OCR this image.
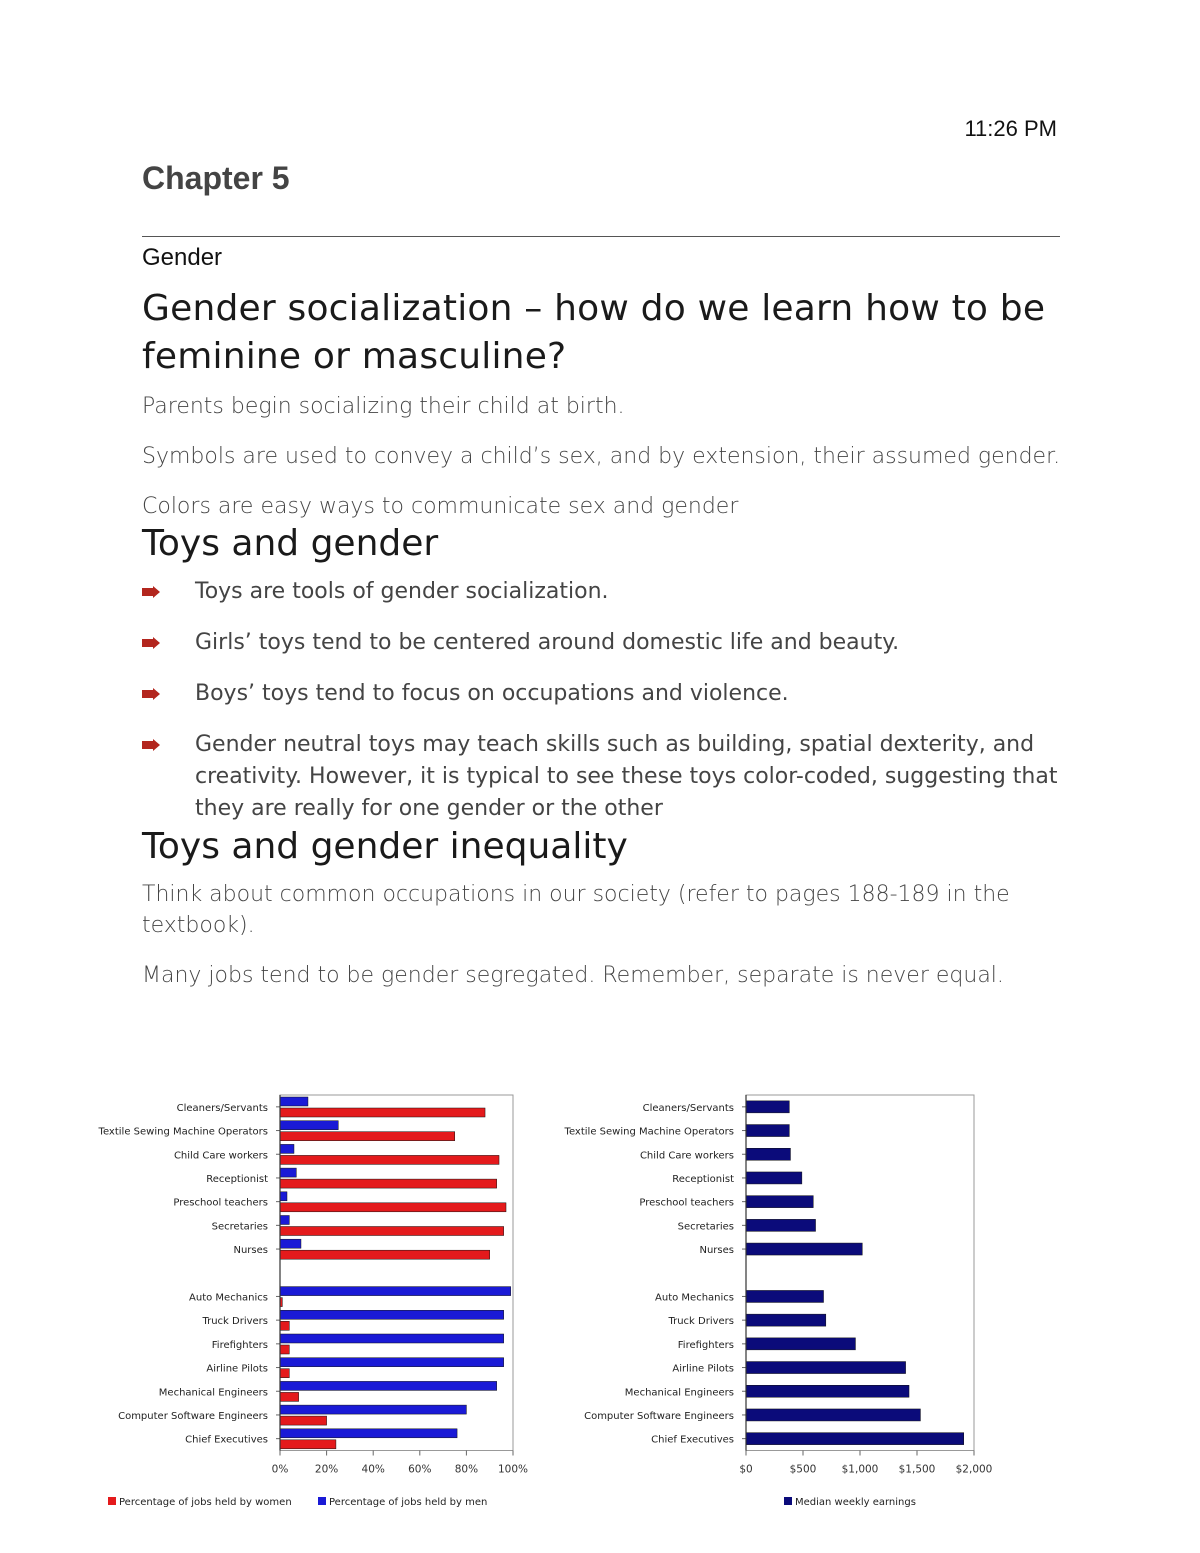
11:26 PM
Chapter 5
Gender
Gender socialization – how do we learn how to be feminine or masculine?

Parents begin socializing their child at birth.

Symbols are used to convey a child’s sex, and by extension, their assumed gender.

Colors are easy ways to communicate sex and gender

Toys and gender
Toys are tools of gender socialization.
Girls’ toys tend to be centered around domestic life and beauty.
Boys’ toys tend to focus on occupations and violence.
Gender neutral toys may teach skills such as building, spatial dexterity, and creativity. However, it is typical to see these toys color-coded, suggesting that they are really for one gender or the other
Toys and gender inequality

Think about common occupations in our society (refer to pages 188-189 in the textbook).

Many jobs tend to be gender segregated. Remember, separate is never equal.

0%	20% 40% 60% 80% 100%
Cleaners/Servants
Textile Sewing Machine Operators
Child Care workers
Receptionist
Preschool teachers
Secretaries
Nurses
Auto Mechanics
Truck Drivers
Firefighters
Airline Pilots
Mechanical Engineers
Computer Software Engineers
Chief Executives
$0	$500 $1,000 $1,500 $2,000
Cleaners/Servants
Textile Sewing Machine Operators
Child Care workers
Receptionist
Preschool teachers
Secretaries
Nurses
Auto Mechanics
Truck Drivers
Firefighters
Airline Pilots
Mechanical Engineers
Computer Software Engineers
Chief Executives
Percentage of jobs held by women	Percentage of jobs held by men	Median weekly earnings
